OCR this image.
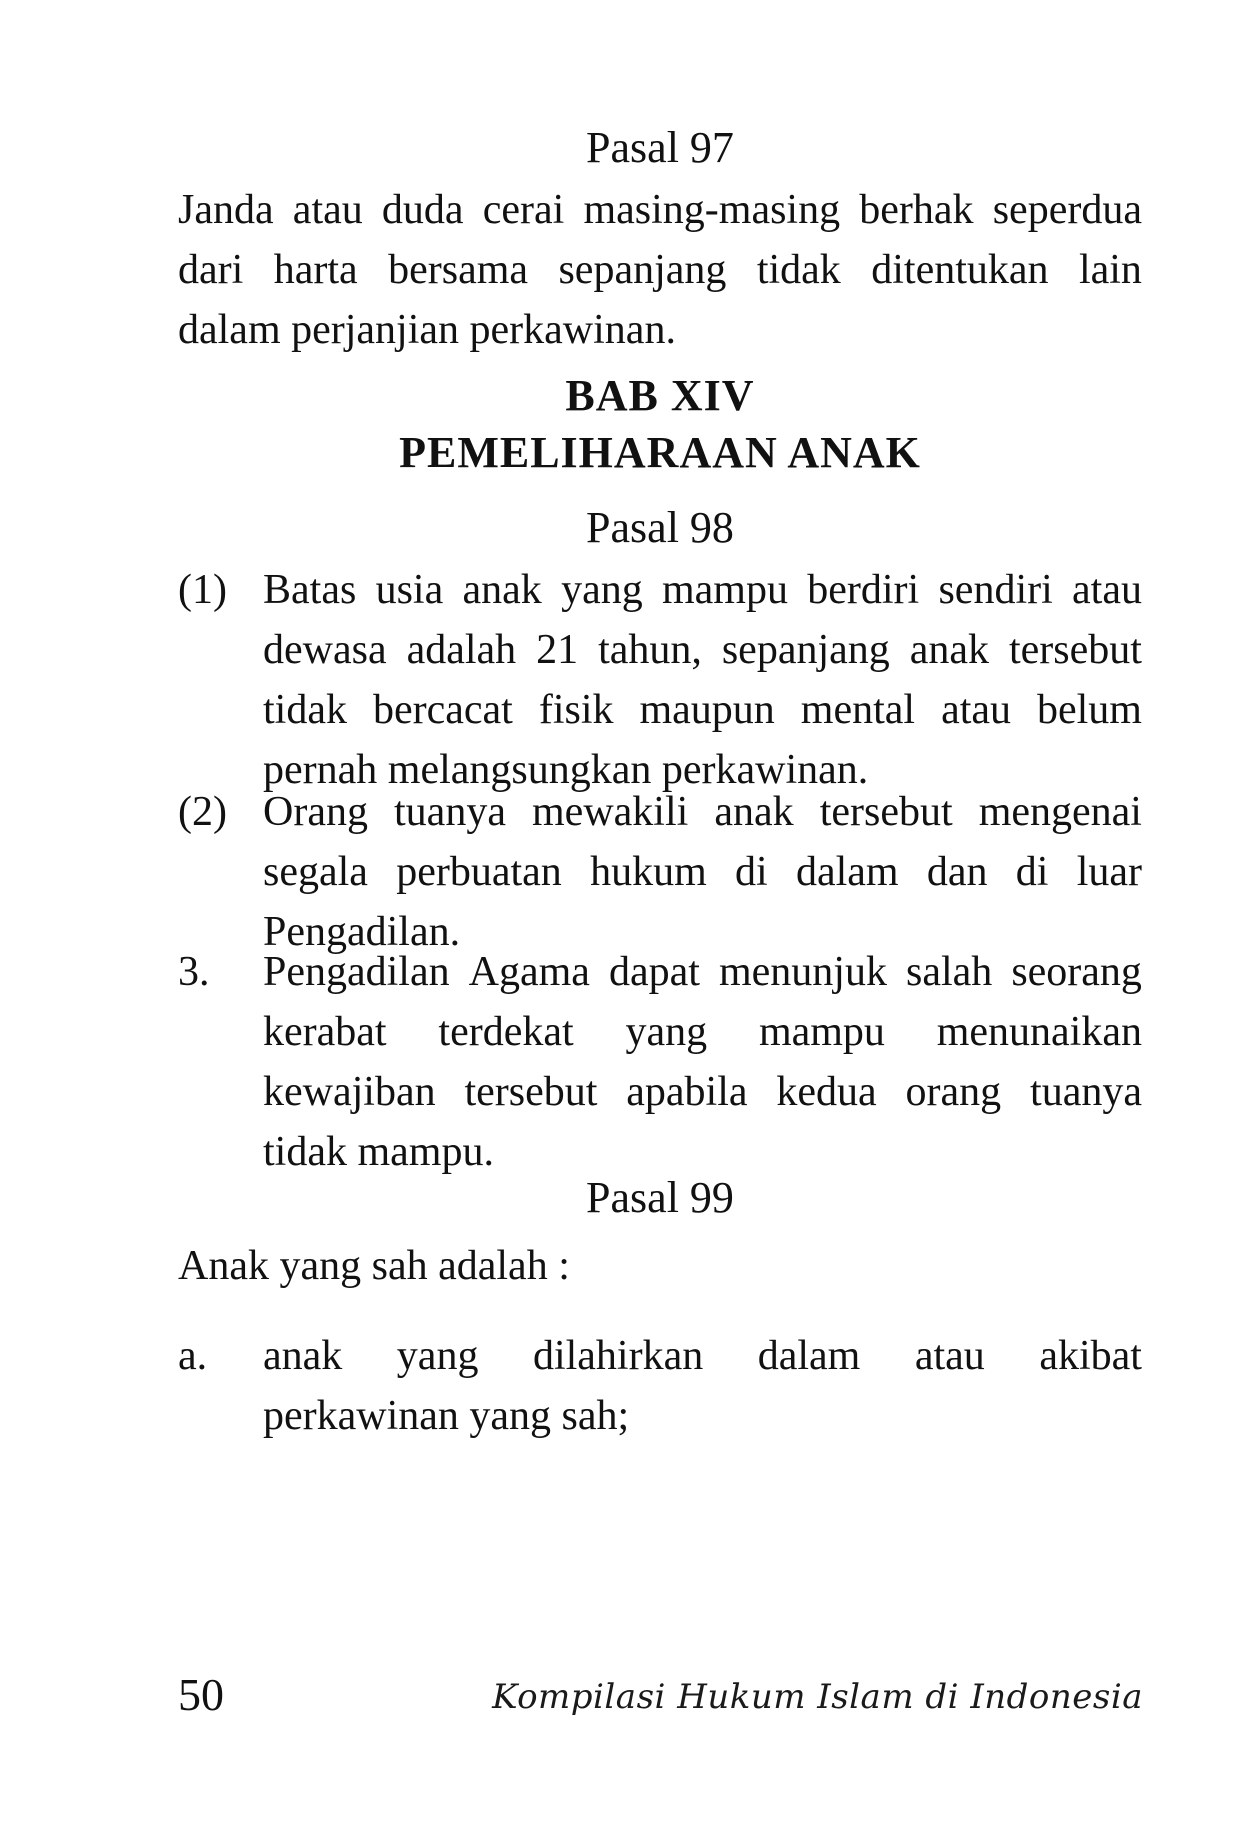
Pasal 97
Janda atau duda cerai masing-masing berhak seperdua
dari harta bersama sepanjang tidak ditentukan lain
dalam perjanjian perkawinan.
BAB XIV
PEMELIHARAAN ANAK
Pasal 98
(1) Batas usia anak yang mampu berdiri sendiri atau
dewasa adalah 21 tahun, sepanjang anak tersebut
tidak bercacat fisik maupun mental atau belum
pernah melangsungkan perkawinan.
(2) Orang tuanya mewakili anak tersebut mengenai
segala perbuatan hukum di dalam dan di luar
Pengadilan.
3.	Pengadilan Agama dapat menunjuk salah seorang
kerabat terdekat yang mampu menunaikan
kewajiban tersebut apabila kedua orang tuanya
tidak mampu.
Pasal 99
Anak yang sah adalah :
a.	anak yang dilahirkan dalam atau akibat
perkawinan yang sah;
50	Kompilasi Hukum Islam di Indonesia
